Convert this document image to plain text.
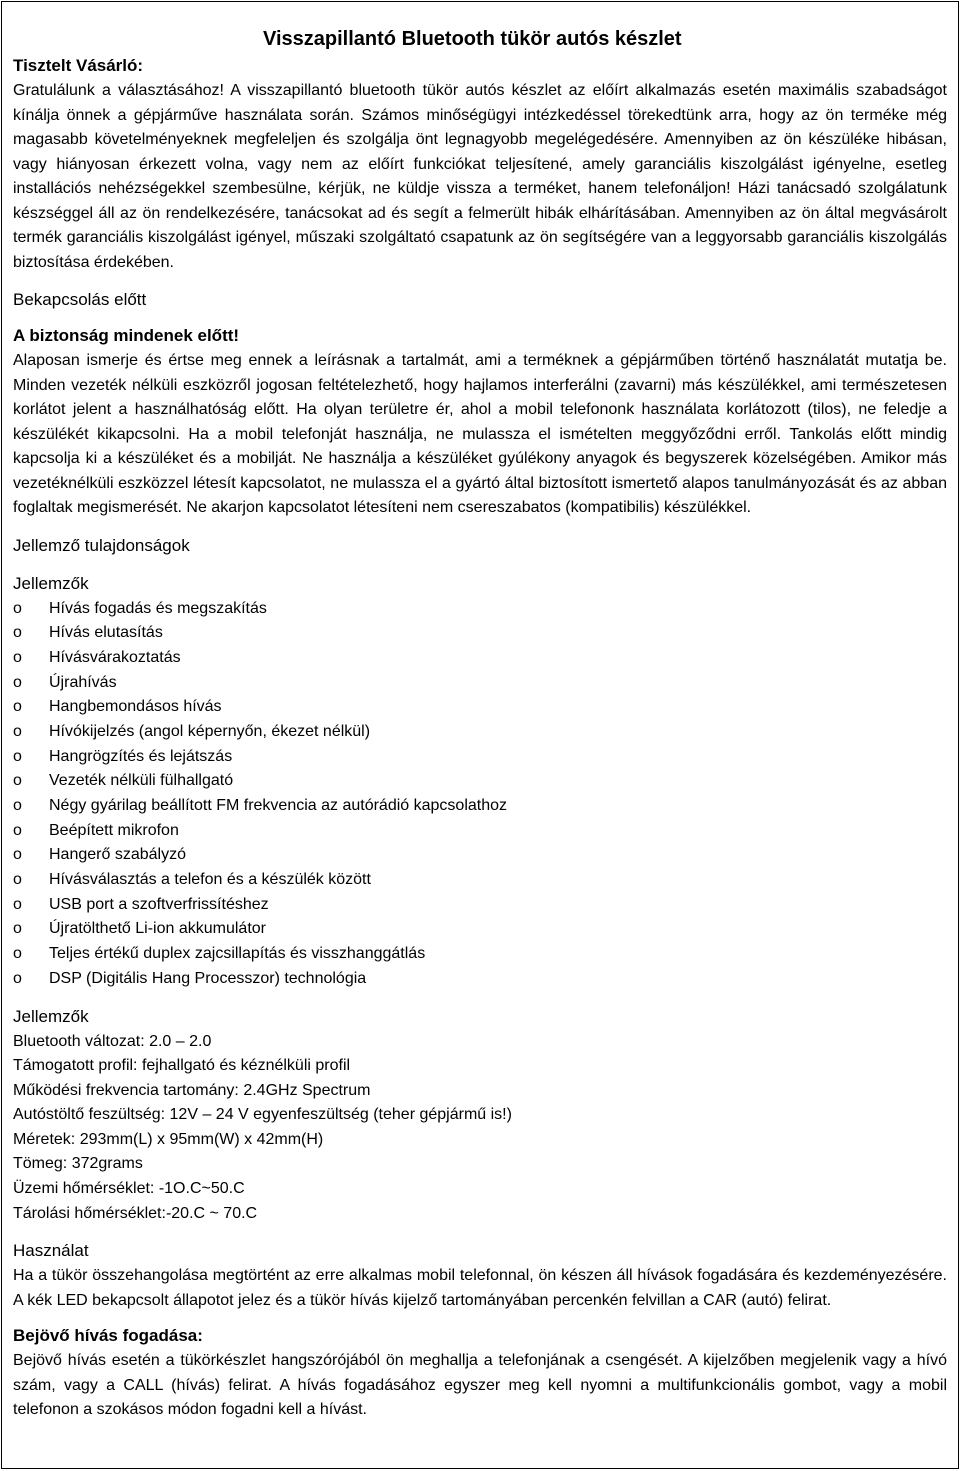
Visszapillantó Bluetooth tükör autós készlet
Tisztelt Vásárló:

Gratulálunk a választásához! A visszapillantó bluetooth tükör autós készlet az előírt alkalmazás esetén maximális szabadságot kínálja önnek a gépjárműve használata során. Számos minőségügyi intézkedéssel törekedtünk arra, hogy az ön terméke még magasabb követelményeknek megfeleljen és szolgálja önt legnagyobb megelégedésére. Amennyiben az ön készüléke hibásan, vagy hiányosan érkezett volna, vagy nem az előírt funkciókat teljesítené, amely garanciális kiszolgálást igényelne, esetleg installációs nehézségekkel szembesülne, kérjük, ne küldje vissza a terméket, hanem telefonáljon! Házi tanácsadó szolgálatunk készséggel áll az ön rendelkezésére, tanácsokat ad és segít a felmerült hibák elhárításában. Amennyiben az ön által megvásárolt termék garanciális kiszolgálást igényel, műszaki szolgáltató csapatunk az ön segítségére van a leggyorsabb garanciális kiszolgálás biztosítása érdekében.

Bekapcsolás előtt
A biztonság mindenek előtt!

Alaposan ismerje és értse meg ennek a leírásnak a tartalmát, ami a terméknek a gépjárműben történő használatát mutatja be. Minden vezeték nélküli eszközről jogosan feltételezhető, hogy hajlamos interferálni (zavarni) más készülékkel, ami természetesen korlátot jelent a használhatóság előtt. Ha olyan területre ér, ahol a mobil telefononk használata korlátozott (tilos), ne feledje a készülékét kikapcsolni. Ha a mobil telefonját használja, ne mulassza el ismételten meggyőződni erről. Tankolás előtt mindig kapcsolja ki a készüléket és a mobilját. Ne használja a készüléket gyúlékony anyagok és begyszerek közelségében. Amikor más vezetéknélküli eszközzel létesít kapcsolatot, ne mulassza el a gyártó által biztosított ismertető alapos tanulmányozását és az abban foglaltak megismerését. Ne akarjon kapcsolatot létesíteni nem csereszabatos (kompatibilis) készülékkel.

Jellemző tulajdonságok
Jellemzők
o	Hívás fogadás és megszakítás
o	Hívás elutasítás
o	Hívásvárakoztatás
o	Újrahívás
o	Hangbemondásos hívás
o	Hívókijelzés (angol képernyőn, ékezet nélkül)
o	Hangrögzítés és lejátszás
o	Vezeték nélküli fülhallgató
o	Négy gyárilag beállított FM frekvencia az autórádió kapcsolathoz
o	Beépített mikrofon
o	Hangerő szabályzó
o	Hívásválasztás a telefon és a készülék között
o	USB port a szoftverfrissítéshez
o	Újratölthető Li-ion akkumulátor
o	Teljes értékű duplex zajcsillapítás és visszhanggátlás
o	DSP (Digitális Hang Processzor) technológia
Jellemzők
Bluetooth változat: 2.0 – 2.0
Támogatott profil: fejhallgató és kéznélküli profil
Működési frekvencia tartomány: 2.4GHz Spectrum
Autóstöltő feszültség: 12V – 24 V egyenfeszültség (teher gépjármű is!)
Méretek: 293mm(L) x 95mm(W) x 42mm(H)
Tömeg: 372grams
Üzemi hőmérséklet: -1O.C~50.C
Tárolási hőmérséklet:-20.C ~ 70.C
Használat

Ha a tükör összehangolása megtörtént az erre alkalmas mobil telefonnal, ön készen áll hívások fogadására és kezdeményezésére. A kék LED bekapcsolt állapotot jelez és a tükör hívás kijelző tartományában percenkén felvillan a CAR (autó) felirat.

Bejövő hívás fogadása:

Bejövő hívás esetén a tükörkészlet hangszórójából ön meghallja a telefonjának a csengését. A kijelzőben megjelenik vagy a hívó szám, vagy a CALL (hívás) felirat. A hívás fogadásához egyszer meg kell nyomni a multifunkcionális gombot, vagy a mobil telefonon a szokásos módon fogadni kell a hívást.
